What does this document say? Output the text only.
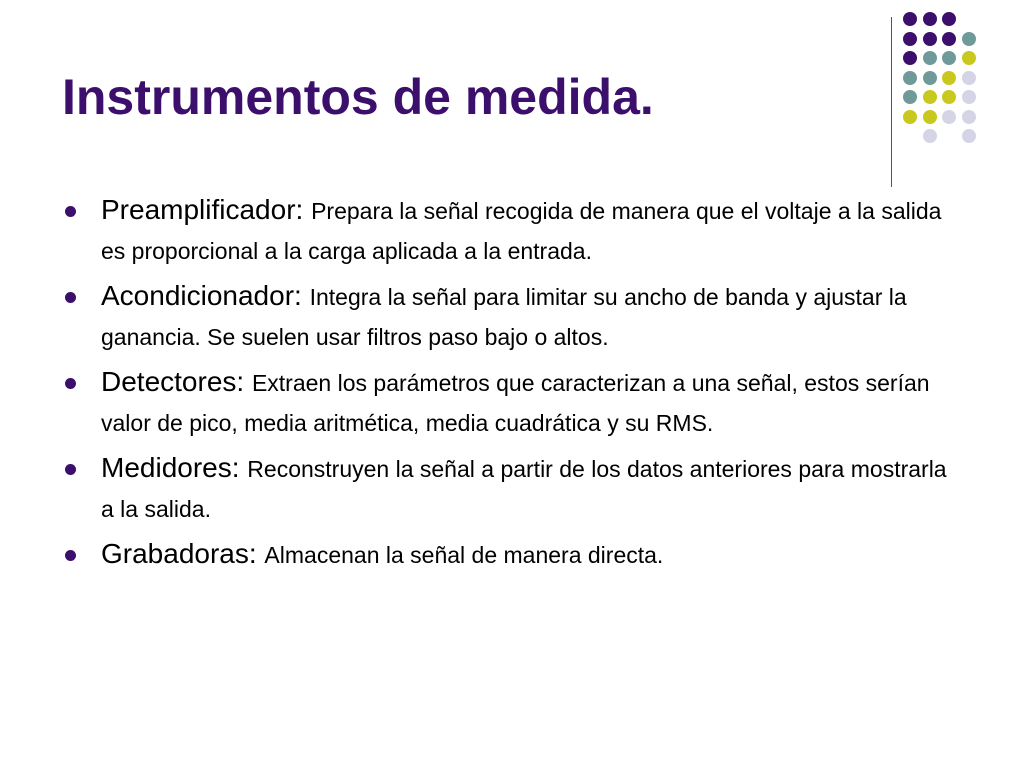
Instrumentos de medida.
Preamplificador: Prepara la señal recogida de manera que el voltaje a la salida es proporcional a la carga aplicada a la entrada.
Acondicionador: Integra la señal para limitar su ancho de banda y ajustar la ganancia. Se suelen usar filtros paso bajo o altos.
Detectores: Extraen los parámetros que caracterizan a una señal, estos serían valor de pico, media aritmética, media cuadrática y su RMS.
Medidores: Reconstruyen la señal a partir de los datos anteriores para mostrarla a la salida.
Grabadoras: Almacenan la señal de manera directa.
